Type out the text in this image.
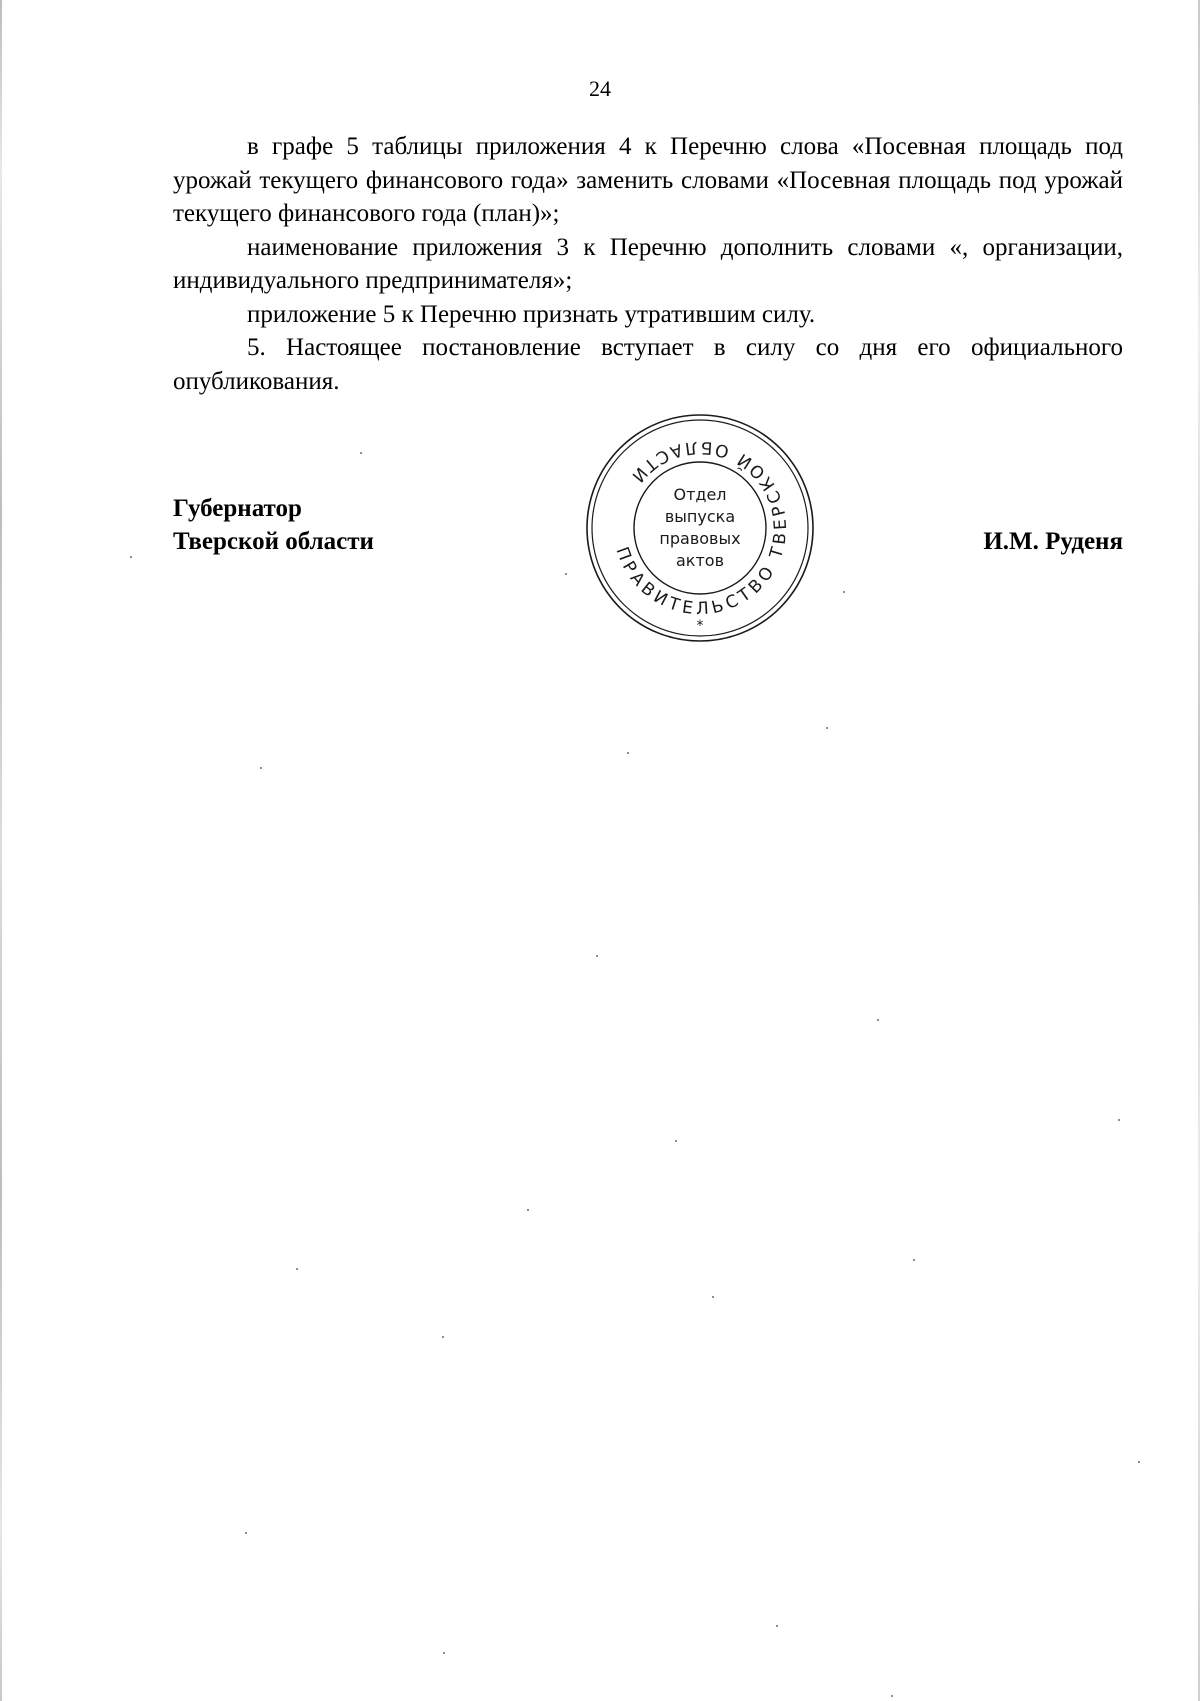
24

в графе 5 таблицы приложения 4 к Перечню слова «Посевная площадь под урожай текущего финансового года» заменить словами «Посевная площадь под урожай текущего финансового года (план)»;

наименование приложения 3 к Перечню дополнить словами «, организации, индивидуального предпринимателя»;

приложение 5 к Перечню признать утратившим силу.

5. Настоящее постановление вступает в силу со дня его официального опубликования.

Губернатор
Тверской области	И.М. Руденя
ПРАВИТЕЛЬСТВО ТВЕРСКОЙ ОБЛАСТИ
Отдел
выпуска
правовых
актов
*
